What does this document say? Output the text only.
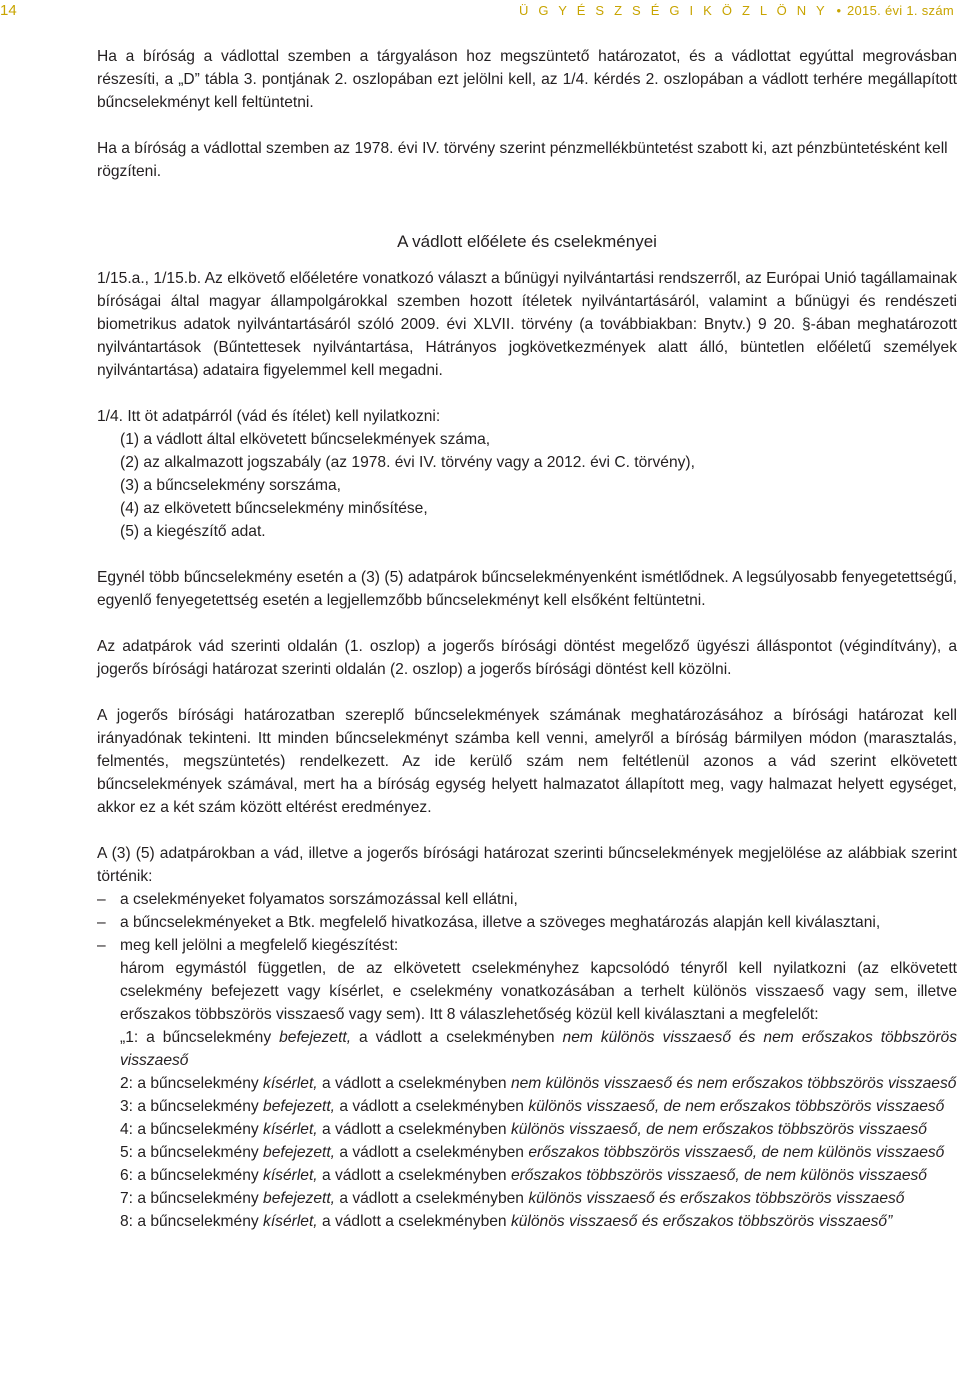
14	Ü G Y É S Z S É G I K Ö Z L Ö N Y • 2015. évi 1. szám

Ha a bíróság a vádlottal szemben a tárgyaláson hoz megszüntető határozatot, és a vádlottat egyúttal megrovásban részesíti, a „D” tábla 3. pontjának 2. oszlopában ezt jelölni kell, az 1/4. kérdés 2. oszlopában a vádlott terhére megállapított bűncselekményt kell feltüntetni.

Ha a bíróság a vádlottal szemben az 1978. évi IV. törvény szerint pénzmellékbüntetést szabott ki, azt pénzbüntetésként kell rögzíteni.

A vádlott előélete és cselekményei

1/15.a., 1/15.b. Az elkövető előéletére vonatkozó választ a bűnügyi nyilvántartási rendszerről, az Európai Unió tagállamainak bíróságai által magyar állampolgárokkal szemben hozott ítéletek nyilvántartásáról, valamint a bűnügyi és rendészeti biometrikus adatok nyilvántartásáról szóló 2009. évi XLVII. törvény (a továbbiakban: Bnytv.) 9 20. §-ában meghatározott nyilvántartások (Bűntettesek nyilvántartása, Hátrányos jogkövetkezmények alatt álló, büntetlen előéletű személyek nyilvántartása) adataira figyelemmel kell megadni.

1/4. Itt öt adatpárról (vád és ítélet) kell nyilatkozni:

(1) a vádlott által elkövetett bűncselekmények száma,

(2) az alkalmazott jogszabály (az 1978. évi IV. törvény vagy a 2012. évi C. törvény),

(3) a bűncselekmény sorszáma,

(4) az elkövetett bűncselekmény minősítése,

(5) a kiegészítő adat.

Egynél több bűncselekmény esetén a (3) (5) adatpárok bűncselekményenként ismétlődnek. A legsúlyosabb fenyegetettségű, egyenlő fenyegetettség esetén a legjellemzőbb bűncselekményt kell elsőként feltüntetni.

Az adatpárok vád szerinti oldalán (1. oszlop) a jogerős bírósági döntést megelőző ügyészi álláspontot (végindítvány), a jogerős bírósági határozat szerinti oldalán (2. oszlop) a jogerős bírósági döntést kell közölni.

A jogerős bírósági határozatban szereplő bűncselekmények számának meghatározásához a bírósági határozat kell irányadónak tekinteni. Itt minden bűncselekményt számba kell venni, amelyről a bíróság bármilyen módon (marasztalás, felmentés, megszüntetés) rendelkezett. Az ide kerülő szám nem feltétlenül azonos a vád szerint elkövetett bűncselekmények számával, mert ha a bíróság egység helyett halmazatot állapított meg, vagy halmazat helyett egységet, akkor ez a két szám között eltérést eredményez.

A (3) (5) adatpárokban a vád, illetve a jogerős bírósági határozat szerinti bűncselekmények megjelölése az alábbiak szerint történik:

– a cselekményeket folyamatos sorszámozással kell ellátni,

– a bűncselekményeket a Btk. megfelelő hivatkozása, illetve a szöveges meghatározás alapján kell kiválasztani,

– meg kell jelölni a megfelelő kiegészítést:

három egymástól független, de az elkövetett cselekményhez kapcsolódó tényről kell nyilatkozni (az elkövetett cselekmény befejezett vagy kísérlet, e cselekmény vonatkozásában a terhelt különös visszaeső vagy sem, illetve erőszakos többszörös visszaeső vagy sem). Itt 8 válaszlehetőség közül kell kiválasztani a megfelelőt:

„1: a bűncselekmény befejezett, a vádlott a cselekményben nem különös visszaeső és nem erőszakos többszörös visszaeső

2: a bűncselekmény kísérlet, a vádlott a cselekményben nem különös visszaeső és nem erőszakos többszörös visszaeső

3: a bűncselekmény befejezett, a vádlott a cselekményben különös visszaeső, de nem erőszakos többszörös visszaeső

4: a bűncselekmény kísérlet, a vádlott a cselekményben különös visszaeső, de nem erőszakos többszörös visszaeső

5: a bűncselekmény befejezett, a vádlott a cselekményben erőszakos többszörös visszaeső, de nem különös visszaeső

6: a bűncselekmény kísérlet, a vádlott a cselekményben erőszakos többszörös visszaeső, de nem különös visszaeső

7: a bűncselekmény befejezett, a vádlott a cselekményben különös visszaeső és erőszakos többszörös visszaeső

8: a bűncselekmény kísérlet, a vádlott a cselekményben különös visszaeső és erőszakos többszörös visszaeső”
